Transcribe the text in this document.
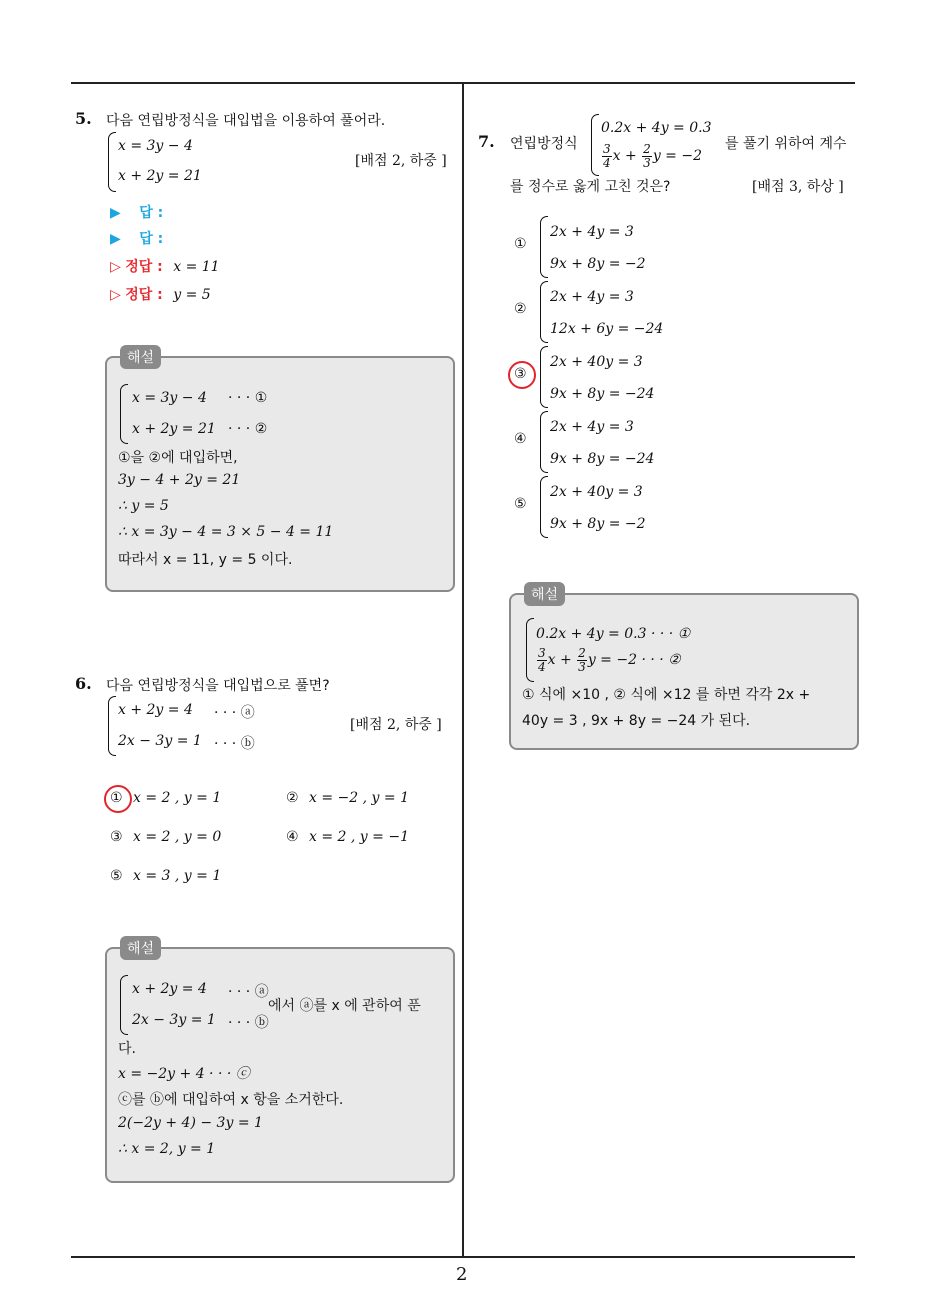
2
5. 다음 연립방정식을 대입법을 이용하여 풀어라.
x = 3y − 4
x + 2y = 21
[배점 2, 하중 ]
▶ 답 :
▶ 답 :
▷ 정답 : x = 11
▷ 정답 : y = 5
해설
x = 3y − 4 · · · ①
x + 2y = 21 · · · ②
①을 ②에 대입하면,
3y − 4 + 2y = 21
∴ y = 5
∴ x = 3y − 4 = 3 × 5 − 4 = 11
따라서 x = 11, y = 5 이다.
6. 다음 연립방정식을 대입법으로 풀면?
x + 2y = 4 · · · ⓐ
2x − 3y = 1 · · · ⓑ
[배점 2, 하중 ]
① x = 2 , y = 1	② x = −2 , y = 1
③ x = 2 , y = 0	④ x = 2 , y = −1
⑤ x = 3 , y = 1
해설
x + 2y = 4 · · · ⓐ
2x − 3y = 1 · · · ⓑ
에서 ⓐ를 x 에 관하여 푼
다.
x = −2y + 4 · · · ⓒ
ⓒ를 ⓑ에 대입하여 x 항을 소거한다.
2(−2y + 4) − 3y = 1
∴ x = 2, y = 1
7. 연립방정식
0.2x + 4y = 0.3
$\frac{3}{4}$ $x + \frac{2}{3}$ y = −2
를 풀기 위하여 계수
를 정수로 옳게 고친 것은?	[배점 3, 하상 ]
①
2x + 4y = 3
9x + 8y = −2
②
2x + 4y = 3
12x + 6y = −24
③
2x + 40y = 3
9x + 8y = −24
④
2x + 4y = 3
9x + 8y = −24
⑤
2x + 40y = 3
9x + 8y = −2
해설
0.2x + 4y = 0.3 · · · ①
$\frac{3}{4}$ $x + \frac{2}{3}$ y = −2 · · · ②
① 식에 ×10 , ② 식에 ×12 를 하면 각각 2x +
40y = 3 , 9x + 8y = −24 가 된다.
